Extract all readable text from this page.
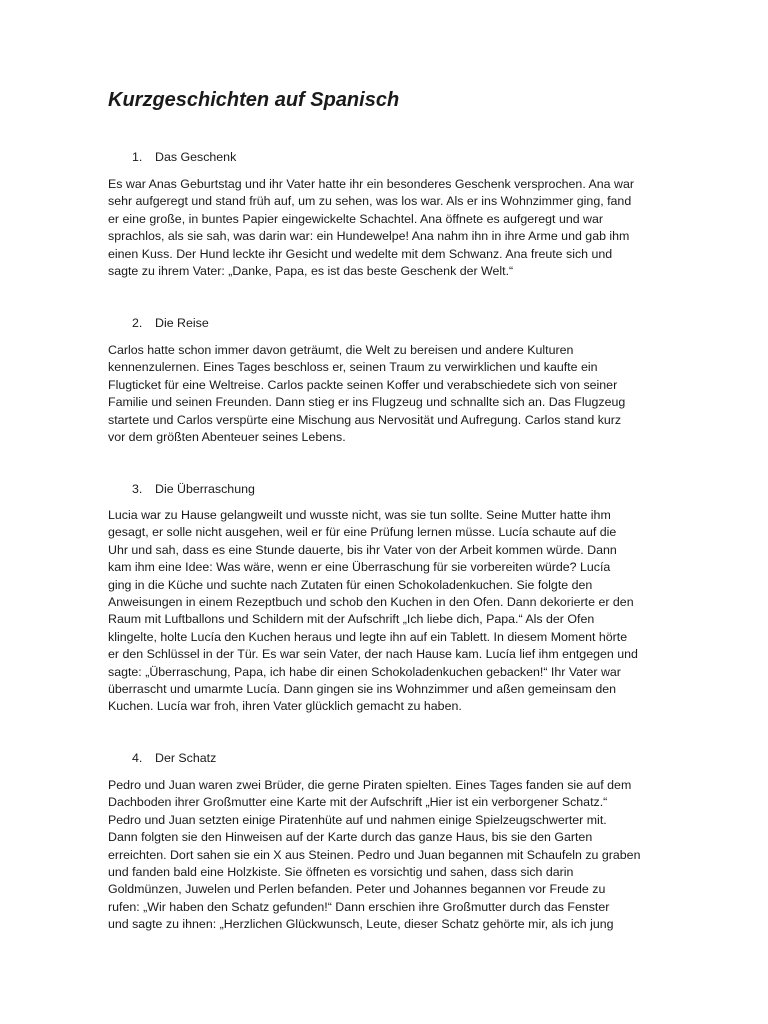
Kurzgeschichten auf Spanisch
1. Das Geschenk
Es war Anas Geburtstag und ihr Vater hatte ihr ein besonderes Geschenk versprochen. Ana war
sehr aufgeregt und stand früh auf, um zu sehen, was los war. Als er ins Wohnzimmer ging, fand
er eine große, in buntes Papier eingewickelte Schachtel. Ana öffnete es aufgeregt und war
sprachlos, als sie sah, was darin war: ein Hundewelpe! Ana nahm ihn in ihre Arme und gab ihm
einen Kuss. Der Hund leckte ihr Gesicht und wedelte mit dem Schwanz. Ana freute sich und
sagte zu ihrem Vater: „Danke, Papa, es ist das beste Geschenk der Welt.“
2. Die Reise
Carlos hatte schon immer davon geträumt, die Welt zu bereisen und andere Kulturen
kennenzulernen. Eines Tages beschloss er, seinen Traum zu verwirklichen und kaufte ein
Flugticket für eine Weltreise. Carlos packte seinen Koffer und verabschiedete sich von seiner
Familie und seinen Freunden. Dann stieg er ins Flugzeug und schnallte sich an. Das Flugzeug
startete und Carlos verspürte eine Mischung aus Nervosität und Aufregung. Carlos stand kurz
vor dem größten Abenteuer seines Lebens.
3. Die Überraschung
Lucia war zu Hause gelangweilt und wusste nicht, was sie tun sollte. Seine Mutter hatte ihm
gesagt, er solle nicht ausgehen, weil er für eine Prüfung lernen müsse. Lucía schaute auf die
Uhr und sah, dass es eine Stunde dauerte, bis ihr Vater von der Arbeit kommen würde. Dann
kam ihm eine Idee: Was wäre, wenn er eine Überraschung für sie vorbereiten würde? Lucía
ging in die Küche und suchte nach Zutaten für einen Schokoladenkuchen. Sie folgte den
Anweisungen in einem Rezeptbuch und schob den Kuchen in den Ofen. Dann dekorierte er den
Raum mit Luftballons und Schildern mit der Aufschrift „Ich liebe dich, Papa.“ Als der Ofen
klingelte, holte Lucía den Kuchen heraus und legte ihn auf ein Tablett. In diesem Moment hörte
er den Schlüssel in der Tür. Es war sein Vater, der nach Hause kam. Lucía lief ihm entgegen und
sagte: „Überraschung, Papa, ich habe dir einen Schokoladenkuchen gebacken!“ Ihr Vater war
überrascht und umarmte Lucía. Dann gingen sie ins Wohnzimmer und aßen gemeinsam den
Kuchen. Lucía war froh, ihren Vater glücklich gemacht zu haben.
4. Der Schatz
Pedro und Juan waren zwei Brüder, die gerne Piraten spielten. Eines Tages fanden sie auf dem
Dachboden ihrer Großmutter eine Karte mit der Aufschrift „Hier ist ein verborgener Schatz.“
Pedro und Juan setzten einige Piratenhüte auf und nahmen einige Spielzeugschwerter mit.
Dann folgten sie den Hinweisen auf der Karte durch das ganze Haus, bis sie den Garten
erreichten. Dort sahen sie ein X aus Steinen. Pedro und Juan begannen mit Schaufeln zu graben
und fanden bald eine Holzkiste. Sie öffneten es vorsichtig und sahen, dass sich darin
Goldmünzen, Juwelen und Perlen befanden. Peter und Johannes begannen vor Freude zu
rufen: „Wir haben den Schatz gefunden!“ Dann erschien ihre Großmutter durch das Fenster
und sagte zu ihnen: „Herzlichen Glückwunsch, Leute, dieser Schatz gehörte mir, als ich jung
